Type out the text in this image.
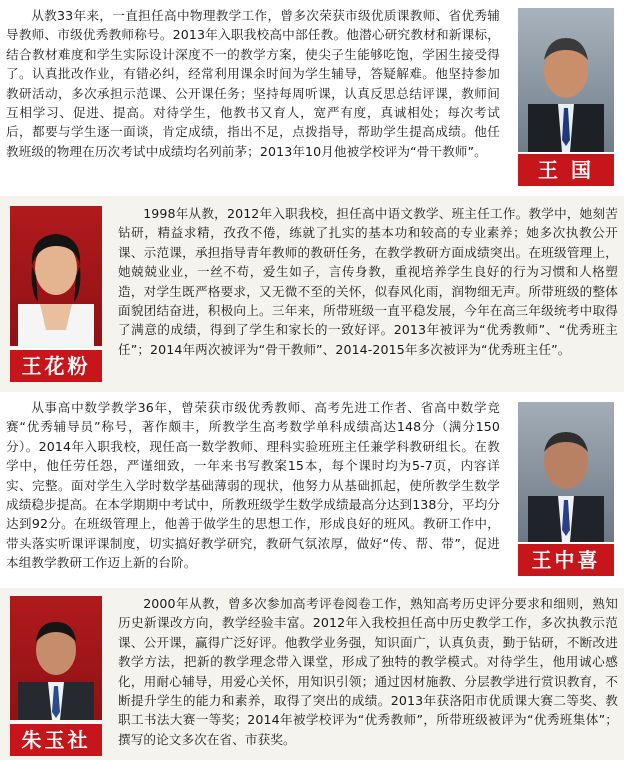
从教33年来，一直担任高中物理教学工作，曾多次荣获市级优质课教师、省优秀辅导教师、市级优秀教师称号。2013年入职我校高中部任教。他潜心研究教材和新课标，结合教材难度和学生实际设计深度不一的教学方案，使尖子生能够吃饱，学困生接受得了。认真批改作业，有错必纠，经常利用课余时间为学生辅导，答疑解难。他坚持参加教研活动，多次承担示范课、公开课任务；坚持每周听课，认真反思总结评课，教师间互相学习、促进、提高。对待学生，他教书又育人，宽严有度，真诚相处；每次考试后，都要与学生逐一面谈，肯定成绩，指出不足，点拨指导，帮助学生提高成绩。他任教班级的物理在历次考试中成绩均名列前茅；2013年10月他被学校评为“骨干教师”。

王 国
王花粉

1998年从教，2012年入职我校，担任高中语文教学、班主任工作。教学中，她刻苦钻研，精益求精，孜孜不倦，练就了扎实的基本功和较高的专业素养；她多次执教公开课、示范课，承担指导青年教师的教研任务，在教学教研方面成绩突出。在班级管理上，她兢兢业业，一丝不苟，爱生如子，言传身教，重视培养学生良好的行为习惯和人格塑造，对学生既严格要求，又无微不至的关怀，似春风化雨，润物细无声。所带班级的整体面貌团结奋进，积极向上。三年来，所带班级一直平稳发展，今年在高三年级统考中取得了满意的成绩，得到了学生和家长的一致好评。2013年被评为“优秀教师”、“优秀班主任”；2014年两次被评为“骨干教师”、2014-2015年多次被评为“优秀班主任”。

从事高中数学教学36年，曾荣获市级优秀教师、高考先进工作者、省高中数学竞赛“优秀辅导员”称号，著作颇丰，所教学生高考数学单科成绩高达148分（满分150分）。2014年入职我校，现任高一数学教师、理科实验班班主任兼学科教研组长。在教学中，他任劳任怨，严谨细致，一年来书写教案15本，每个课时均为5-7页，内容详实、完整。面对学生入学时数学基础薄弱的现状，他努力从基础抓起，使所教学生数学成绩稳步提高。在本学期期中考试中，所教班级学生数学成绩最高分达到138分，平均分达到92分。在班级管理上，他善于做学生的思想工作，形成良好的班风。教研工作中，带头落实听课评课制度，切实搞好教学研究，教研气氛浓厚，做好“传、帮、带”，促进本组教学教研工作迈上新的台阶。	王中喜
朱玉社

2000年从教，曾多次参加高考评卷阅卷工作，熟知高考历史评分要求和细则，熟知历史新课改方向，教学经验丰富。2012年入我校担任高中历史教学工作，多次执教示范课、公开课，赢得广泛好评。他教学业务强，知识面广，认真负责，勤于钻研，不断改进教学方法，把新的教学理念带入课堂，形成了独特的教学模式。对待学生，他用诚心感化，用耐心辅导，用爱心关怀，用知识引领；通过因材施教、分层教学进行赏识教育，不断提升学生的能力和素养，取得了突出的成绩。2013年获洛阳市优质课大赛二等奖、教职工书法大赛一等奖；2014年被学校评为“优秀教师”，所带班级被评为“优秀班集体”；撰写的论文多次在省、市获奖。
